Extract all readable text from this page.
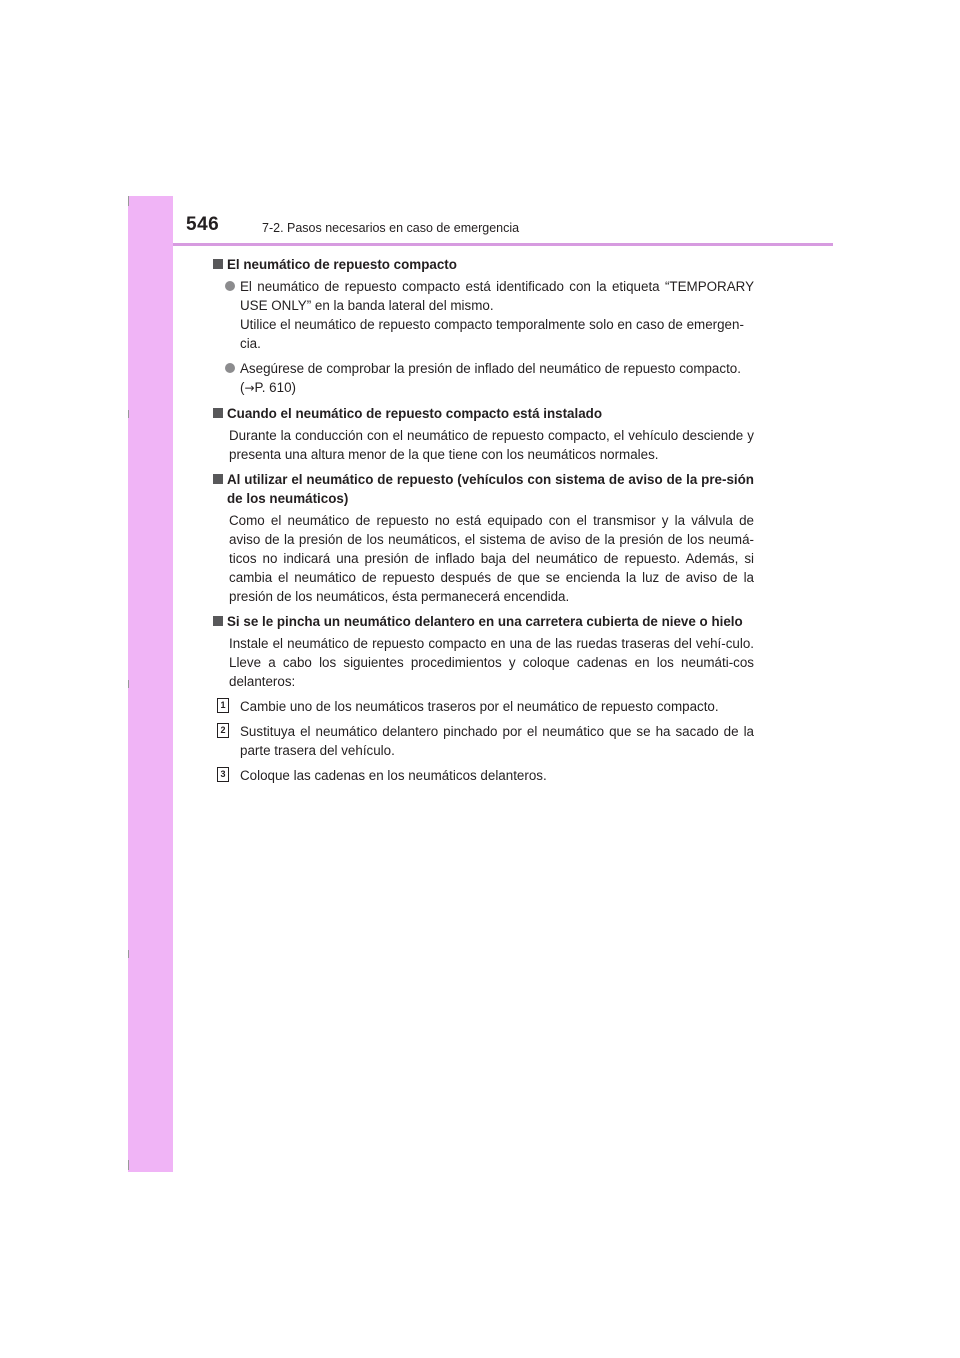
546	7-2. Pasos necesarios en caso de emergencia
El neumático de repuesto compacto
El neumático de repuesto compacto está identificado con la etiqueta “TEMPORARY USE ONLY” en la banda lateral del mismo.
Utilice el neumático de repuesto compacto temporalmente solo en caso de emergen-cia.
Asegúrese de comprobar la presión de inflado del neumático de repuesto compacto.
(→P. 610)
Cuando el neumático de repuesto compacto está instalado

Durante la conducción con el neumático de repuesto compacto, el vehículo desciende y presenta una altura menor de la que tiene con los neumáticos normales.

Al utilizar el neumático de repuesto (vehículos con sistema de aviso de la pre-sión de los neumáticos)

Como el neumático de repuesto no está equipado con el transmisor y la válvula de aviso de la presión de los neumáticos, el sistema de aviso de la presión de los neumá-ticos no indicará una presión de inflado baja del neumático de repuesto. Además, si cambia el neumático de repuesto después de que se encienda la luz de aviso de la presión de los neumáticos, ésta permanecerá encendida.

Si se le pincha un neumático delantero en una carretera cubierta de nieve o hielo

Instale el neumático de repuesto compacto en una de las ruedas traseras del vehí-culo. Lleve a cabo los siguientes procedimientos y coloque cadenas en los neumáti-cos delanteros:

1 Cambie uno de los neumáticos traseros por el neumático de repuesto compacto.
2 Sustituya el neumático delantero pinchado por el neumático que se ha sacado de la parte trasera del vehículo.
3 Coloque las cadenas en los neumáticos delanteros.
